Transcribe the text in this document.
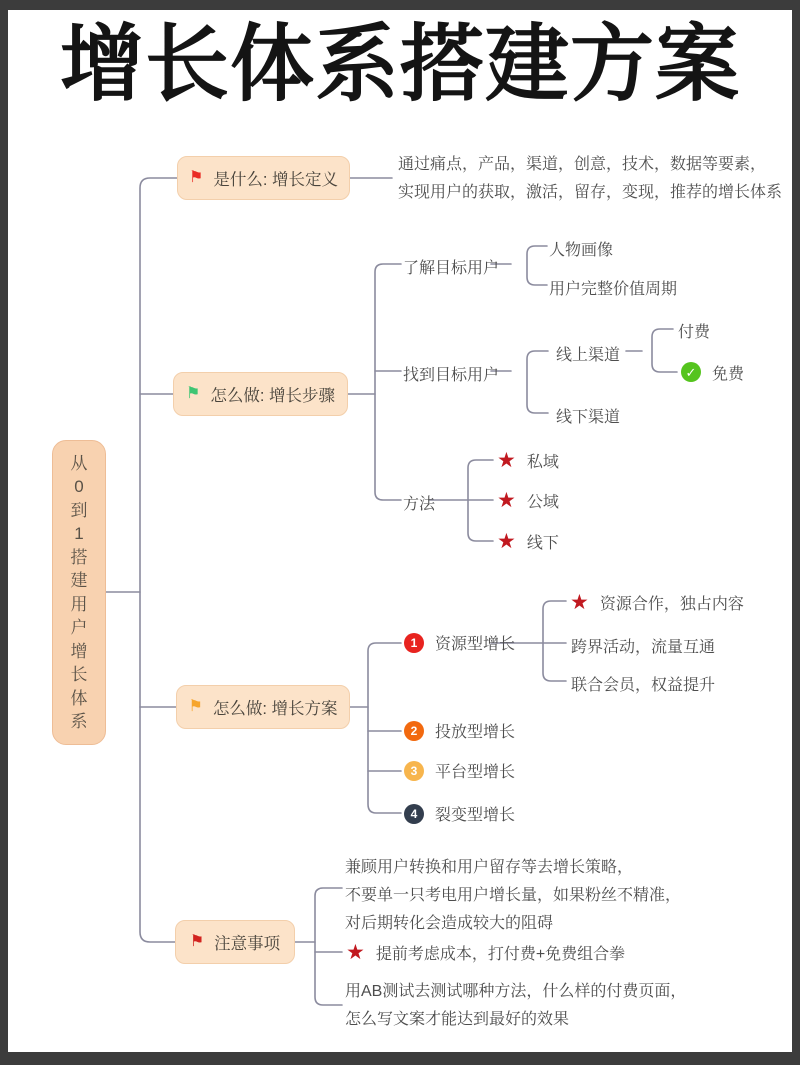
增长体系搭建方案
从0到1搭建用户增长体系
⚑ 是什么: 增长定义
通过痛点，产品，渠道，创意，技术，数据等要素，
实现用户的获取，激活，留存，变现，推荐的增长体系
⚑ 怎么做: 增长步骤
了解目标用户
人物画像
用户完整价值周期
找到目标用户
线上渠道
付费
✓ 免费
线下渠道
方法
★ 私域
★ 公域
★ 线下
⚑ 怎么做: 增长方案
1	资源型增长
★ 资源合作，独占内容
跨界活动，流量互通
联合会员，权益提升
2	投放型增长
3	平台型增长
4	裂变型增长
⚑ 注意事项
兼顾用户转换和用户留存等去增长策略，
不要单一只考电用户增长量，如果粉丝不精准，
对后期转化会造成较大的阻碍
★ 提前考虑成本，打付费+免费组合拳
用AB测试去测试哪种方法，什么样的付费页面，
怎么写文案才能达到最好的效果
